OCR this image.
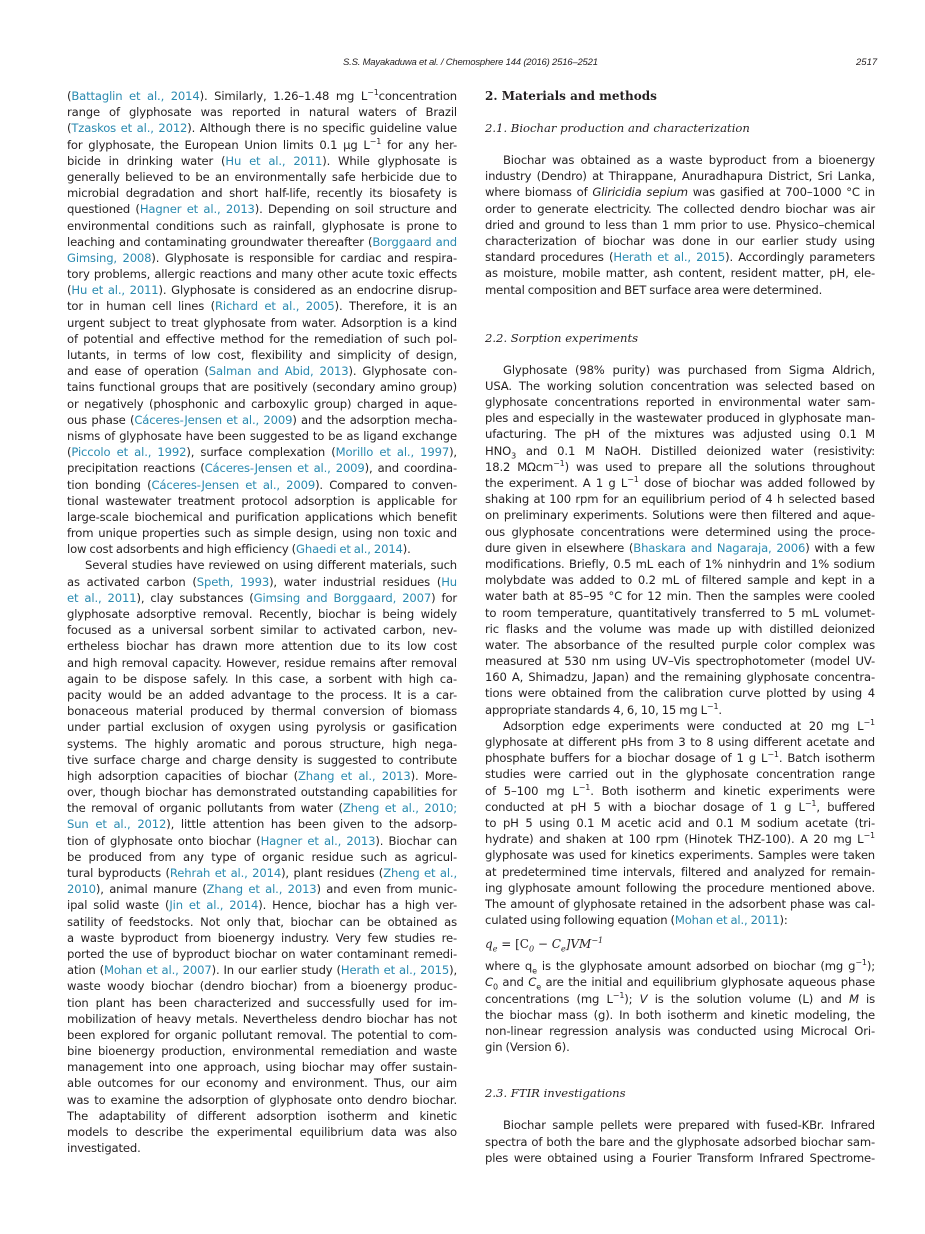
S.S. Mayakaduwa et al. / Chemosphere 144 (2016) 2516–2521	2517
(Battaglin et al., 2014). Similarly, 1.26–1.48 mg $L^{-1}concentration$
range of glyphosate was reported in natural waters of Brazil
(Tzaskos et al., 2012). Although there is no specific guideline value
for glyphosate, the European Union limits 0.1 µg $L^{-1}$ for any her-
bicide in drinking water (Hu et al., 2011). While glyphosate is
generally believed to be an environmentally safe herbicide due to
microbial degradation and short half-life, recently its biosafety is
questioned (Hagner et al., 2013). Depending on soil structure and
environmental conditions such as rainfall, glyphosate is prone to
leaching and contaminating groundwater thereafter (Borggaard and
Gimsing, 2008). Glyphosate is responsible for cardiac and respira-
tory problems, allergic reactions and many other acute toxic effects
(Hu et al., 2011). Glyphosate is considered as an endocrine disrup-
tor in human cell lines (Richard et al., 2005). Therefore, it is an
urgent subject to treat glyphosate from water. Adsorption is a kind
of potential and effective method for the remediation of such pol-
lutants, in terms of low cost, flexibility and simplicity of design,
and ease of operation (Salman and Abid, 2013). Glyphosate con-
tains functional groups that are positively (secondary amino group)
or negatively (phosphonic and carboxylic group) charged in aque-
ous phase (Cáceres-Jensen et al., 2009) and the adsorption mecha-
nisms of glyphosate have been suggested to be as ligand exchange
(Piccolo et al., 1992), surface complexation (Morillo et al., 1997),
precipitation reactions (Cáceres-Jensen et al., 2009), and coordina-
tion bonding (Cáceres-Jensen et al., 2009). Compared to conven-
tional wastewater treatment protocol adsorption is applicable for
large-scale biochemical and purification applications which benefit
from unique properties such as simple design, using non toxic and
low cost adsorbents and high efficiency (Ghaedi et al., 2014).
Several studies have reviewed on using different materials, such
as activated carbon (Speth, 1993), water industrial residues (Hu
et al., 2011), clay substances (Gimsing and Borggaard, 2007) for
glyphosate adsorptive removal. Recently, biochar is being widely
focused as a universal sorbent similar to activated carbon, nev-
ertheless biochar has drawn more attention due to its low cost
and high removal capacity. However, residue remains after removal
again to be dispose safely. In this case, a sorbent with high ca-
pacity would be an added advantage to the process. It is a car-
bonaceous material produced by thermal conversion of biomass
under partial exclusion of oxygen using pyrolysis or gasification
systems. The highly aromatic and porous structure, high nega-
tive surface charge and charge density is suggested to contribute
high adsorption capacities of biochar (Zhang et al., 2013). More-
over, though biochar has demonstrated outstanding capabilities for
the removal of organic pollutants from water (Zheng et al., 2010;
Sun et al., 2012), little attention has been given to the adsorp-
tion of glyphosate onto biochar (Hagner et al., 2013). Biochar can
be produced from any type of organic residue such as agricul-
tural byproducts (Rehrah et al., 2014), plant residues (Zheng et al.,
2010), animal manure (Zhang et al., 2013) and even from munic-
ipal solid waste (Jin et al., 2014). Hence, biochar has a high ver-
satility of feedstocks. Not only that, biochar can be obtained as
a waste byproduct from bioenergy industry. Very few studies re-
ported the use of byproduct biochar on water contaminant remedi-
ation (Mohan et al., 2007). In our earlier study (Herath et al., 2015),
waste woody biochar (dendro biochar) from a bioenergy produc-
tion plant has been characterized and successfully used for im-
mobilization of heavy metals. Nevertheless dendro biochar has not
been explored for organic pollutant removal. The potential to com-
bine bioenergy production, environmental remediation and waste
management into one approach, using biochar may offer sustain-
able outcomes for our economy and environment. Thus, our aim
was to examine the adsorption of glyphosate onto dendro biochar.
The adaptability of different adsorption isotherm and kinetic
models to describe the experimental equilibrium data was also
investigated.
2. Materials and methods
2.1. Biochar production and characterization
Biochar was obtained as a waste byproduct from a bioenergy
industry (Dendro) at Thirappane, Anuradhapura District, Sri Lanka,
where biomass of Gliricidia sepium was gasified at 700–1000 °C in
order to generate electricity. The collected dendro biochar was air
dried and ground to less than 1 mm prior to use. Physico–chemical
characterization of biochar was done in our earlier study using
standard procedures (Herath et al., 2015). Accordingly parameters
as moisture, mobile matter, ash content, resident matter, pH, ele-
mental composition and BET surface area were determined.
2.2. Sorption experiments
Glyphosate (98% purity) was purchased from Sigma Aldrich,
USA. The working solution concentration was selected based on
glyphosate concentrations reported in environmental water sam-
ples and especially in the wastewater produced in glyphosate man-
ufacturing. The pH of the mixtures was adjusted using 0.1 M
$HNO_3$ and 0.1 M NaOH. Distilled deionized water (resistivity:
18.2 MΩcm$^{-1}$) was used to prepare all the solutions throughout
the experiment. A 1 g $L^{-1}$ dose of biochar was added followed by
shaking at 100 rpm for an equilibrium period of 4 h selected based
on preliminary experiments. Solutions were then filtered and aque-
ous glyphosate concentrations were determined using the proce-
dure given in elsewhere (Bhaskara and Nagaraja, 2006) with a few
modifications. Briefly, 0.5 mL each of 1% ninhydrin and 1% sodium
molybdate was added to 0.2 mL of filtered sample and kept in a
water bath at 85–95 °C for 12 min. Then the samples were cooled
to room temperature, quantitatively transferred to 5 mL volumet-
ric flasks and the volume was made up with distilled deionized
water. The absorbance of the resulted purple color complex was
measured at 530 nm using UV–Vis spectrophotometer (model UV-
160 A, Shimadzu, Japan) and the remaining glyphosate concentra-
tions were obtained from the calibration curve plotted by using 4
appropriate standards 4, 6, 10, 15 mg $L^{-1}$.
Adsorption edge experiments were conducted at 20 mg $L^{-1}$
glyphosate at different pHs from 3 to 8 using different acetate and
phosphate buffers for a biochar dosage of 1 g $L^{-1}$. Batch isotherm
studies were carried out in the glyphosate concentration range
of 5–100 mg $L^{-1}$. Both isotherm and kinetic experiments were
conducted at pH 5 with a biochar dosage of 1 g $L^{-1}$, buffered
to pH 5 using 0.1 M acetic acid and 0.1 M sodium acetate (tri-
hydrate) and shaken at 100 rpm (Hinotek THZ-100). A 20 mg $L^{-1}$
glyphosate was used for kinetics experiments. Samples were taken
at predetermined time intervals, filtered and analyzed for remain-
ing glyphosate amount following the procedure mentioned above.
The amount of glyphosate retained in the adsorbent phase was cal-
culated using following equation (Mohan et al., 2011):
$q_e = [C_0 - C_e]VM^{-1}$
where $q_e$ is the glyphosate amount adsorbed on biochar (mg $g^{-1}$);
$C_0$ and $C_e$ are the initial and equilibrium glyphosate aqueous phase
concentrations (mg $L^{-1}$); V is the solution volume (L) and M is
the biochar mass (g). In both isotherm and kinetic modeling, the
non-linear regression analysis was conducted using Microcal Ori-
gin (Version 6).
2.3. FTIR investigations
Biochar sample pellets were prepared with fused-KBr. Infrared
spectra of both the bare and the glyphosate adsorbed biochar sam-
ples were obtained using a Fourier Transform Infrared Spectrome-
